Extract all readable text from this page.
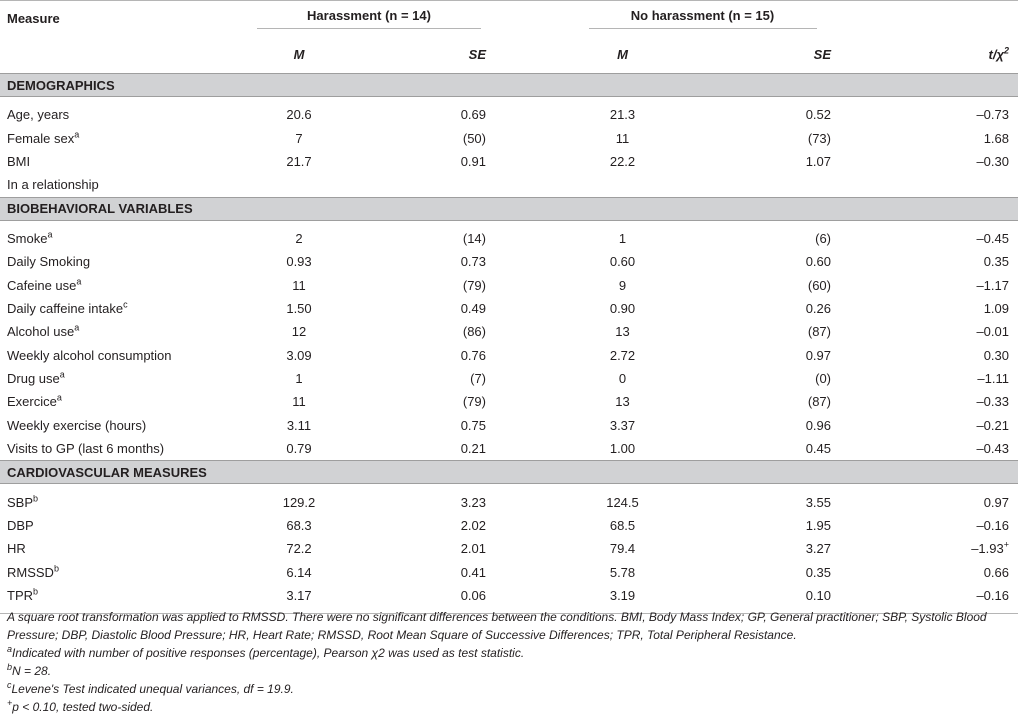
Measure	Harassment (n = 14)		No harassment (n = 15)		
	M	SE	M	SE	$t/\chi^2$
DEMOGRAPHICS					

Age, years	20.6	0.69	21.3	0.52	–0.73
Female sex$^a$	7	(50)	11	(73)	1.68
BMI	21.7	0.91	22.2	1.07	–0.30
In a relationship					
BIOBEHAVIORAL VARIABLES					

Smoke$^a$	2	(14)	1	(6)	–0.45
Daily Smoking	0.93	0.73	0.60	0.60	0.35
Cafeine use$^a$	11	(79)	9	(60)	–1.17
Daily caffeine intake$^c$	1.50	0.49	0.90	0.26	1.09
Alcohol use$^a$	12	(86)	13	(87)	–0.01
Weekly alcohol consumption	3.09	0.76	2.72	0.97	0.30
Drug use$^a$	1	(7)	0	(0)	–1.11
Exercice$^a$	11	(79)	13	(87)	–0.33
Weekly exercise (hours)	3.11	0.75	3.37	0.96	–0.21
Visits to GP (last 6 months)	0.79	0.21	1.00	0.45	–0.43
CARDIOVASCULAR MEASURES					

SBP$^b$	129.2	3.23	124.5	3.55	0.97
DBP	68.3	2.02	68.5	1.95	–0.16
HR	72.2	2.01	79.4	3.27	–1.93+
RMSSD$^b$	6.14	0.41	5.78	0.35	0.66
TPR$^b$	3.17	0.06	3.19	0.10	–0.16

A square root transformation was applied to RMSSD. There were no significant differences between the conditions. BMI, Body Mass Index; GP, General practitioner; SBP, Systolic Blood Pressure; DBP, Diastolic Blood Pressure; HR, Heart Rate; RMSSD, Root Mean Square of Successive Differences; TPR, Total Peripheral Resistance.

$^a$Indicated with number of positive responses (percentage), Pearson χ2 was used as test statistic.

$^b$N = 28.

$^c$Levene's Test indicated unequal variances, df = 19.9.

+p < 0.10, tested two-sided.
